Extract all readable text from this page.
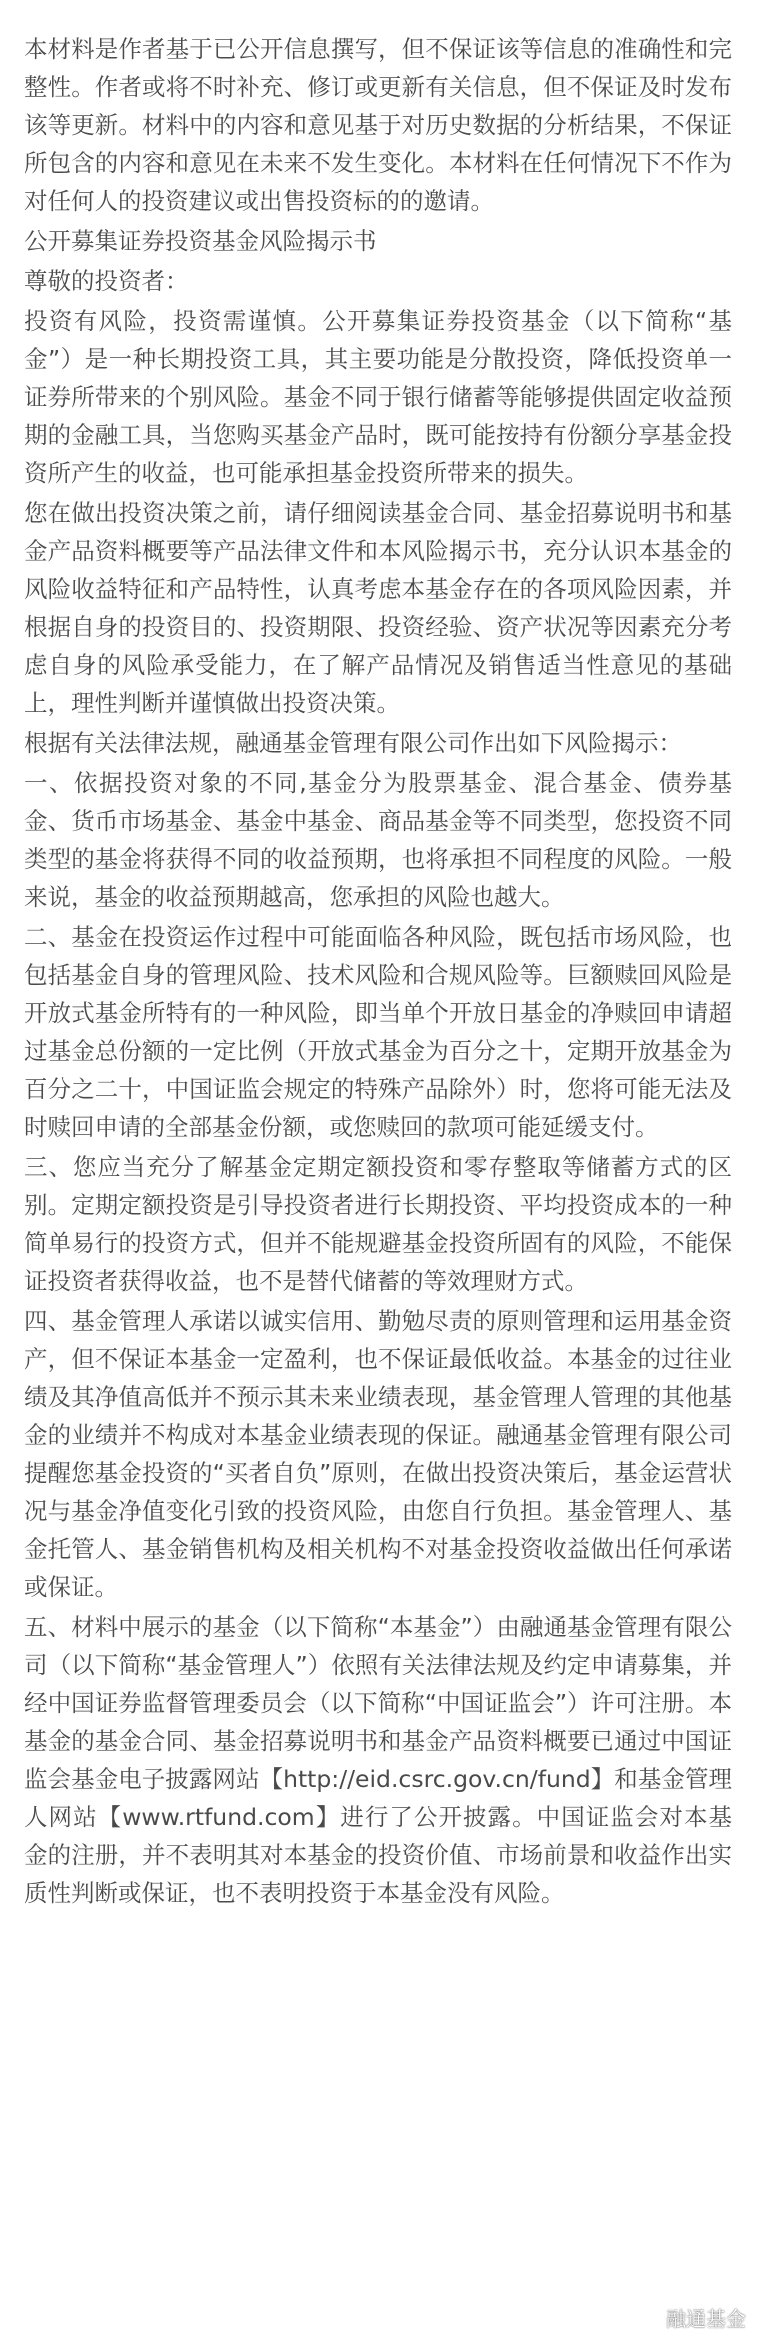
本材料是作者基于已公开信息撰写，但不保证该等信息的准确性和完整性。作者或将不时补充、修订或更新有关信息，但不保证及时发布该等更新。材料中的内容和意见基于对历史数据的分析结果，不保证所包含的内容和意见在未来不发生变化。本材料在任何情况下不作为对任何人的投资建议或出售投资标的的邀请。

公开募集证券投资基金风险揭示书

尊敬的投资者：

投资有风险，投资需谨慎。公开募集证券投资基金（以下简称“基金”）是一种长期投资工具，其主要功能是分散投资，降低投资单一证券所带来的个别风险。基金不同于银行储蓄等能够提供固定收益预期的金融工具，当您购买基金产品时，既可能按持有份额分享基金投资所产生的收益，也可能承担基金投资所带来的损失。

您在做出投资决策之前，请仔细阅读基金合同、基金招募说明书和基金产品资料概要等产品法律文件和本风险揭示书，充分认识本基金的风险收益特征和产品特性，认真考虑本基金存在的各项风险因素，并根据自身的投资目的、投资期限、投资经验、资产状况等因素充分考虑自身的风险承受能力，在了解产品情况及销售适当性意见的基础上，理性判断并谨慎做出投资决策。

根据有关法律法规，融通基金管理有限公司作出如下风险揭示：

一、依据投资对象的不同,基金分为股票基金、混合基金、债券基金、货币市场基金、基金中基金、商品基金等不同类型，您投资不同类型的基金将获得不同的收益预期，也将承担不同程度的风险。一般来说，基金的收益预期越高，您承担的风险也越大。

二、基金在投资运作过程中可能面临各种风险，既包括市场风险，也包括基金自身的管理风险、技术风险和合规风险等。巨额赎回风险是开放式基金所特有的一种风险，即当单个开放日基金的净赎回申请超过基金总份额的一定比例（开放式基金为百分之十，定期开放基金为百分之二十，中国证监会规定的特殊产品除外）时，您将可能无法及时赎回申请的全部基金份额，或您赎回的款项可能延缓支付。

三、您应当充分了解基金定期定额投资和零存整取等储蓄方式的区别。定期定额投资是引导投资者进行长期投资、平均投资成本的一种简单易行的投资方式，但并不能规避基金投资所固有的风险，不能保证投资者获得收益，也不是替代储蓄的等效理财方式。

四、基金管理人承诺以诚实信用、勤勉尽责的原则管理和运用基金资产，但不保证本基金一定盈利，也不保证最低收益。本基金的过往业绩及其净值高低并不预示其未来业绩表现，基金管理人管理的其他基金的业绩并不构成对本基金业绩表现的保证。融通基金管理有限公司提醒您基金投资的“买者自负”原则，在做出投资决策后，基金运营状况与基金净值变化引致的投资风险，由您自行负担。基金管理人、基金托管人、基金销售机构及相关机构不对基金投资收益做出任何承诺或保证。

五、材料中展示的基金（以下简称“本基金”）由融通基金管理有限公司（以下简称“基金管理人”）依照有关法律法规及约定申请募集，并经中国证券监督管理委员会（以下简称“中国证监会”）许可注册。本基金的基金合同、基金招募说明书和基金产品资料概要已通过中国证监会基金电子披露网站【http://eid.csrc.gov.cn/fund】和基金管理人网站【www.rtfund.com】进行了公开披露。中国证监会对本基金的注册，并不表明其对本基金的投资价值、市场前景和收益作出实质性判断或保证，也不表明投资于本基金没有风险。

融通基金
